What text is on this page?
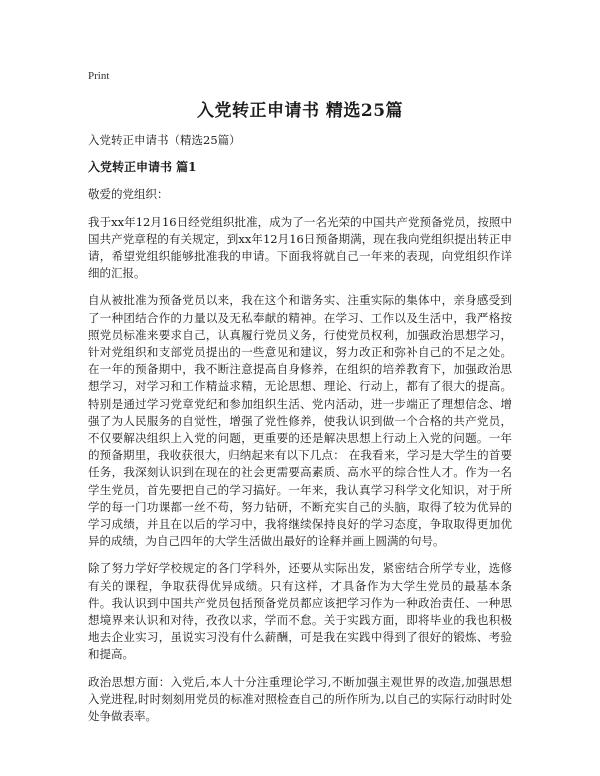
Print
入党转正申请书 精选25篇
入党转正申请书（精选25篇）
入党转正申请书 篇1
敬爱的党组织：

我于xx年12月16日经党组织批准，成为了一名光荣的中国共产党预备党员，按照中国共产党章程的有关规定，到xx年12月16日预备期满，现在我向党组织提出转正申请，希望党组织能够批准我的申请。下面我将就自己一年来的表现，向党组织作详细的汇报。

自从被批准为预备党员以来，我在这个和谐务实、注重实际的集体中，亲身感受到了一种团结合作的力量以及无私奉献的精神。在学习、工作以及生活中，我严格按照党员标准来要求自己，认真履行党员义务，行使党员权利，加强政治思想学习，针对党组织和支部党员提出的一些意见和建议，努力改正和弥补自己的不足之处。在一年的预备期中，我不断注意提高自身修养，在组织的培养教育下，加强政治思想学习，对学习和工作精益求精，无论思想、理论、行动上，都有了很大的提高。特别是通过学习党章党纪和参加组织生活、党内活动，进一步端正了理想信念、增强了为人民服务的自觉性，增强了党性修养，使我认识到做一个合格的共产党员，不仅要解决组织上入党的问题，更重要的还是解决思想上行动上入党的问题。一年的预备期里，我收获很大，归纳起来有以下几点： 在我看来，学习是大学生的首要任务，我深刻认识到在现在的社会更需要高素质、高水平的综合性人才。作为一名学生党员，首先要把自己的学习搞好。一年来，我认真学习科学文化知识，对于所学的每一门功课都一丝不苟，努力钻研，不断充实自己的头脑，取得了较为优异的学习成绩，并且在以后的学习中，我将继续保持良好的学习态度，争取取得更加优异的成绩，为自己四年的大学生活做出最好的诠释并画上圆满的句号。

除了努力学好学校规定的各门学科外，还要从实际出发，紧密结合所学专业，选修有关的课程，争取获得优异成绩。只有这样，才具备作为大学生党员的最基本条件。我认识到中国共产党员包括预备党员都应该把学习作为一种政治责任、一种思想境界来认识和对待，孜孜以求，学而不怠。关于实践方面，即将毕业的我也积极地去企业实习，虽说实习没有什么薪酬，可是我在实践中得到了很好的锻炼、考验和提高。

政治思想方面：入党后,本人十分注重理论学习,不断加强主观世界的改造,加强思想入党进程,时时刻刻用党员的标准对照检查自己的所作所为,以自己的实际行动时时处处争做表率。
